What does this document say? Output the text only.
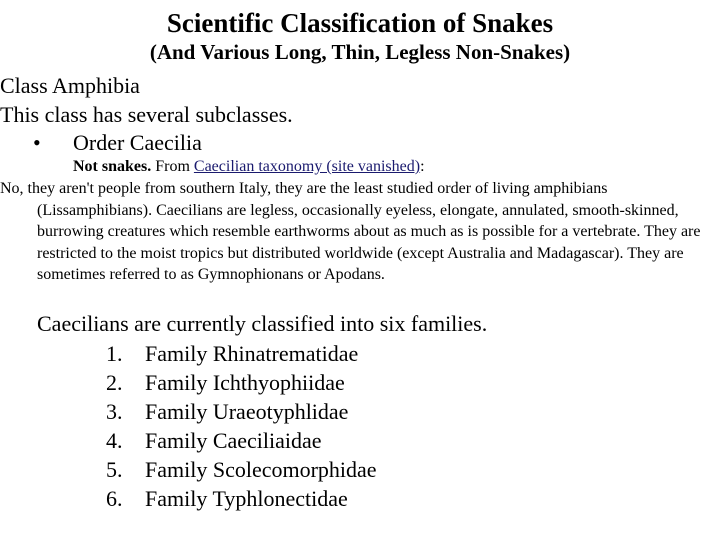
Scientific Classification of Snakes
(And Various Long, Thin, Legless Non-Snakes)
Class Amphibia
This class has several subclasses.
• Order Caecilia
Not snakes. From Caecilian taxonomy (site vanished):
No, they aren't people from southern Italy, they are the least studied order of living amphibians (Lissamphibians). Caecilians are legless, occasionally eyeless, elongate, annulated, smooth-skinned, burrowing creatures which resemble earthworms about as much as is possible for a vertebrate. They are restricted to the moist tropics but distributed worldwide (except Australia and Madagascar). They are sometimes referred to as Gymnophionans or Apodans.
Caecilians are currently classified into six families.
1. Family Rhinatrematidae
2. Family Ichthyophiidae
3. Family Uraeotyphlidae
4. Family Caeciliaidae
5. Family Scolecomorphidae
6. Family Typhlonectidae
